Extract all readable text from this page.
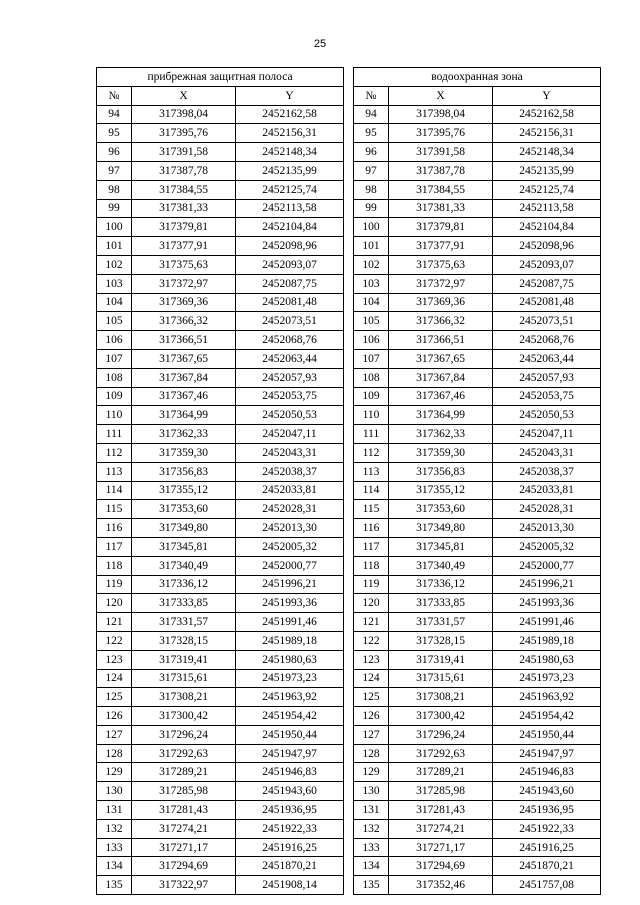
25
прибрежная защитная полоса				водоохранная зона		
№	X	Y		№	X	Y
94	317398,04	2452162,58		94	317398,04	2452162,58
95	317395,76	2452156,31		95	317395,76	2452156,31
96	317391,58	2452148,34		96	317391,58	2452148,34
97	317387,78	2452135,99		97	317387,78	2452135,99
98	317384,55	2452125,74		98	317384,55	2452125,74
99	317381,33	2452113,58		99	317381,33	2452113,58
100	317379,81	2452104,84		100	317379,81	2452104,84
101	317377,91	2452098,96		101	317377,91	2452098,96
102	317375,63	2452093,07		102	317375,63	2452093,07
103	317372,97	2452087,75		103	317372,97	2452087,75
104	317369,36	2452081,48		104	317369,36	2452081,48
105	317366,32	2452073,51		105	317366,32	2452073,51
106	317366,51	2452068,76		106	317366,51	2452068,76
107	317367,65	2452063,44		107	317367,65	2452063,44
108	317367,84	2452057,93		108	317367,84	2452057,93
109	317367,46	2452053,75		109	317367,46	2452053,75
110	317364,99	2452050,53		110	317364,99	2452050,53
111	317362,33	2452047,11		111	317362,33	2452047,11
112	317359,30	2452043,31		112	317359,30	2452043,31
113	317356,83	2452038,37		113	317356,83	2452038,37
114	317355,12	2452033,81		114	317355,12	2452033,81
115	317353,60	2452028,31		115	317353,60	2452028,31
116	317349,80	2452013,30		116	317349,80	2452013,30
117	317345,81	2452005,32		117	317345,81	2452005,32
118	317340,49	2452000,77		118	317340,49	2452000,77
119	317336,12	2451996,21		119	317336,12	2451996,21
120	317333,85	2451993,36		120	317333,85	2451993,36
121	317331,57	2451991,46		121	317331,57	2451991,46
122	317328,15	2451989,18		122	317328,15	2451989,18
123	317319,41	2451980,63		123	317319,41	2451980,63
124	317315,61	2451973,23		124	317315,61	2451973,23
125	317308,21	2451963,92		125	317308,21	2451963,92
126	317300,42	2451954,42		126	317300,42	2451954,42
127	317296,24	2451950,44		127	317296,24	2451950,44
128	317292,63	2451947,97		128	317292,63	2451947,97
129	317289,21	2451946,83		129	317289,21	2451946,83
130	317285,98	2451943,60		130	317285,98	2451943,60
131	317281,43	2451936,95		131	317281,43	2451936,95
132	317274,21	2451922,33		132	317274,21	2451922,33
133	317271,17	2451916,25		133	317271,17	2451916,25
134	317294,69	2451870,21		134	317294,69	2451870,21
135	317322,97	2451908,14		135	317352,46	2451757,08
